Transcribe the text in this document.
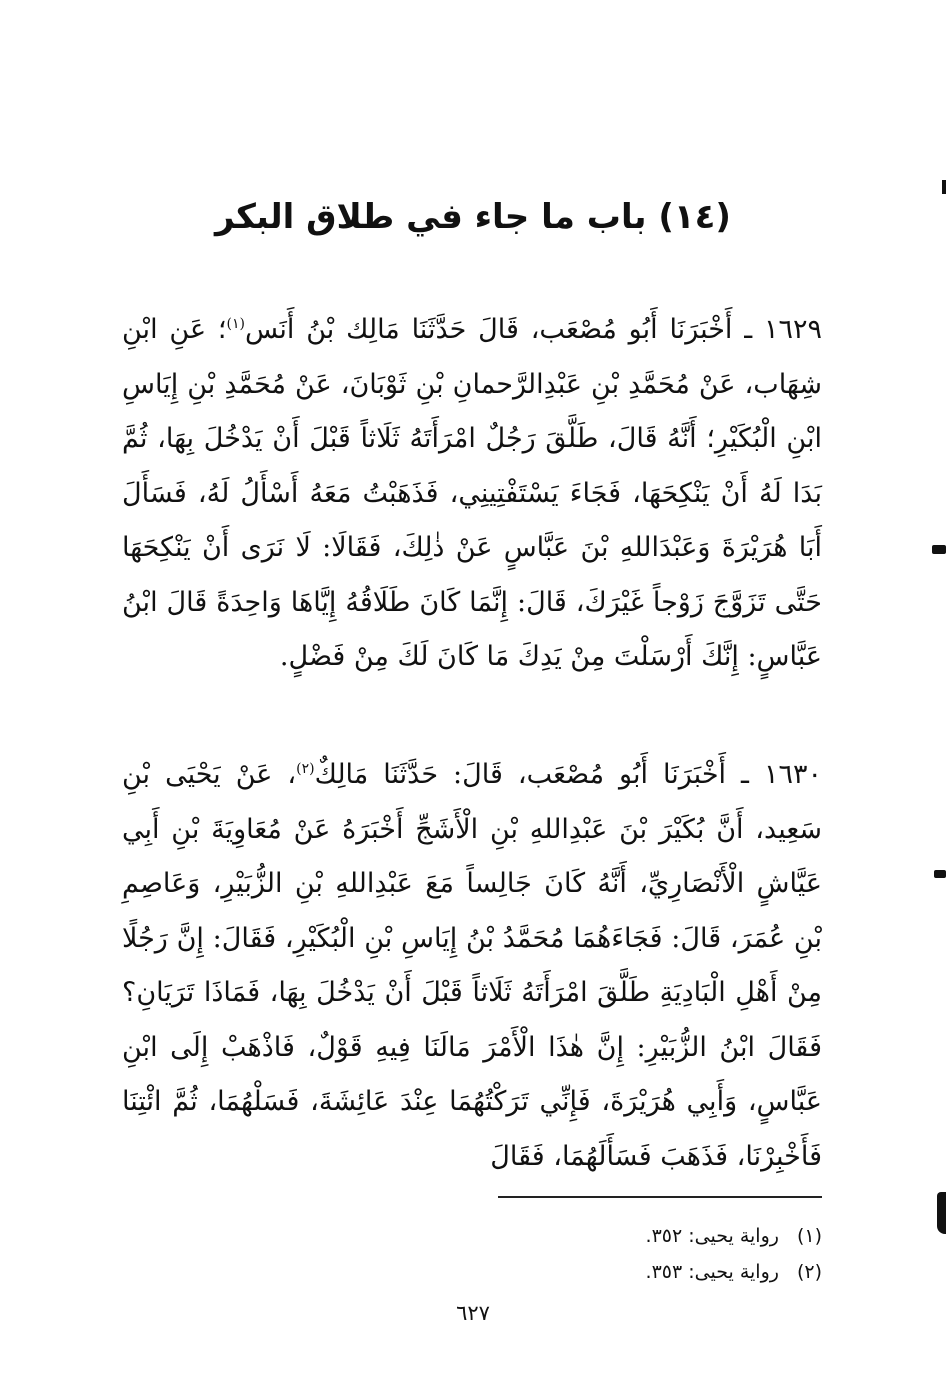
(١٤) باب ما جاء في طلاق البكر

١٦٢٩ ـ أَخْبَرَنَا أَبُو مُصْعَب، قَالَ حَدَّثَنَا مَالِك بْنُ أَنَس$^{(١)}$؛ عَنِ ابْنِ شِهَاب، عَنْ مُحَمَّدِ بْنِ عَبْدِالرَّحمانِ بْنِ ثَوْبَانَ، عَنْ مُحَمَّدِ بْنِ إِيَاسِ ابْنِ الْبُكَيْرِ؛ أَنَّهُ قَالَ، طَلَّقَ رَجُلٌ امْرَأَتَهُ ثَلَاثاً قَبْلَ أَنْ يَدْخُلَ بِهَا، ثُمَّ بَدَا لَهُ أَنْ يَنْكِحَهَا، فَجَاءَ يَسْتَفْتِينِي، فَذَهَبْتُ مَعَهُ أَسْأَلُ لَهُ، فَسَأَلَ أَبَا هُرَيْرَةَ وَعَبْدَاللهِ بْنَ عَبَّاسٍ عَنْ ذٰلِكَ، فَقَالَا: لَا نَرَى أَنْ يَنْكِحَهَا حَتَّى تَزَوَّجَ زَوْجاً غَيْرَكَ، قَالَ: إِنَّمَا كَانَ طَلَاقُهُ إِيَّاهَا وَاحِدَةً قَالَ ابْنُ عَبَّاسٍ: إِنَّكَ أَرْسَلْتَ مِنْ يَدِكَ مَا كَانَ لَكَ مِنْ فَضْلٍ.

١٦٣٠ ـ أَخْبَرَنَا أَبُو مُصْعَب، قَالَ: حَدَّثَنَا مَالِكٌ$^{(٢)}$، عَنْ يَحْيَى بْنِ سَعِيد، أَنَّ بُكَيْرَ بْنَ عَبْدِاللهِ بْنِ الْأَشَجِّ أَخْبَرَهُ عَنْ مُعَاوِيَةَ بْنِ أَبِي عَيَّاشٍ الْأَنْصَارِيِّ، أَنَّهُ كَانَ جَالِساً مَعَ عَبْدِاللهِ بْنِ الزُّبَيْرِ، وَعَاصِمِ بْنِ عُمَرَ، قَالَ: فَجَاءَهُمَا مُحَمَّدُ بْنُ إِيَاسِ بْنِ الْبُكَيْرِ، فَقَالَ: إِنَّ رَجُلًا مِنْ أَهْلِ الْبَادِيَةِ طَلَّقَ امْرَأَتَهُ ثَلَاثاً قَبْلَ أَنْ يَدْخُلَ بِهَا، فَمَاذَا تَرَيَانِ؟ فَقَالَ ابْنُ الزُّبَيْرِ: إِنَّ هٰذَا الْأَمْرَ مَالَنَا فِيهِ قَوْلٌ، فَاذْهَبْ إِلَى ابْنِ عَبَّاسٍ، وَأَبِي هُرَيْرَةَ، فَإِنِّي تَرَكْتُهُمَا عِنْدَ عَائِشَةَ، فَسَلْهُمَا، ثُمَّ ائْتِنَا فَأَخْبِرْنَا، فَذَهَبَ فَسَأَلَهُمَا، فَقَالَ

(١)رواية يحيى: ٣٥٢.
(٢)رواية يحيى: ٣٥٣.
٦٢٧
